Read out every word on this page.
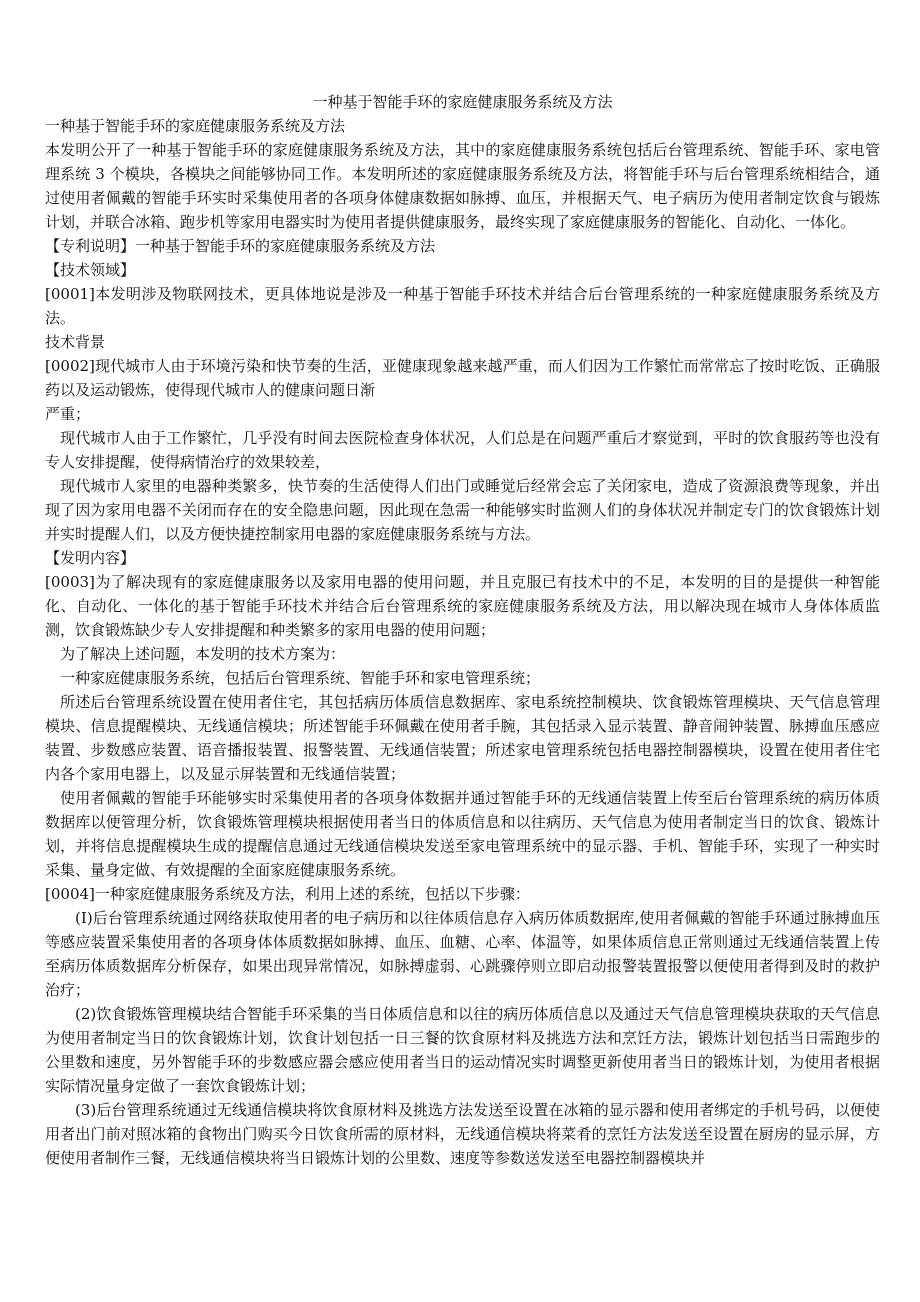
一种基于智能手环的家庭健康服务系统及方法

一种基于智能手环的家庭健康服务系统及方法

本发明公开了一种基于智能手环的家庭健康服务系统及方法，其中的家庭健康服务系统包括后台管理系统、智能手环、家电管理系统 3 个模块，各模块之间能够协同工作。本发明所述的家庭健康服务系统及方法，将智能手环与后台管理系统相结合，通过使用者佩戴的智能手环实时采集使用者的各项身体健康数据如脉搏、血压，并根据天气、电子病历为使用者制定饮食与锻炼计划，并联合冰箱、跑步机等家用电器实时为使用者提供健康服务，最终实现了家庭健康服务的智能化、自动化、一体化。

【专利说明】一种基于智能手环的家庭健康服务系统及方法

【技术领域】

[0001]本发明涉及物联网技术，更具体地说是涉及一种基于智能手环技术并结合后台管理系统的一种家庭健康服务系统及方法。

技术背景

[0002]现代城市人由于环境污染和快节奏的生活，亚健康现象越来越严重，而人们因为工作繁忙而常常忘了按时吃饭、正确服药以及运动锻炼，使得现代城市人的健康问题日渐

严重；

现代城市人由于工作繁忙，几乎没有时间去医院检查身体状况，人们总是在问题严重后才察觉到，平时的饮食服药等也没有专人安排提醒，使得病情治疗的效果较差，

现代城市人家里的电器种类繁多，快节奏的生活使得人们出门或睡觉后经常会忘了关闭家电，造成了资源浪费等现象，并出现了因为家用电器不关闭而存在的安全隐患问题，因此现在急需一种能够实时监测人们的身体状况并制定专门的饮食锻炼计划并实时提醒人们，以及方便快捷控制家用电器的家庭健康服务系统与方法。

【发明内容】

[0003]为了解决现有的家庭健康服务以及家用电器的使用问题，并且克服已有技术中的不足，本发明的目的是提供一种智能化、自动化、一体化的基于智能手环技术并结合后台管理系统的家庭健康服务系统及方法，用以解决现在城市人身体体质监测，饮食锻炼缺少专人安排提醒和种类繁多的家用电器的使用问题；

为了解决上述问题，本发明的技术方案为：

一种家庭健康服务系统，包括后台管理系统、智能手环和家电管理系统；

所述后台管理系统设置在使用者住宅，其包括病历体质信息数据库、家电系统控制模块、饮食锻炼管理模块、天气信息管理模块、信息提醒模块、无线通信模块；所述智能手环佩戴在使用者手腕，其包括录入显示装置、静音闹钟装置、脉搏血压感应装置、步数感应装置、语音播报装置、报警装置、无线通信装置；所述家电管理系统包括电器控制器模块，设置在使用者住宅内各个家用电器上，以及显示屏装置和无线通信装置；

使用者佩戴的智能手环能够实时采集使用者的各项身体数据并通过智能手环的无线通信装置上传至后台管理系统的病历体质数据库以便管理分析，饮食锻炼管理模块根据使用者当日的体质信息和以往病历、天气信息为使用者制定当日的饮食、锻炼计划，并将信息提醒模块生成的提醒信息通过无线通信模块发送至家电管理系统中的显示器、手机、智能手环，实现了一种实时采集、量身定做、有效提醒的全面家庭健康服务系统。

[0004]一种家庭健康服务系统及方法，利用上述的系统，包括以下步骤：

(Ⅰ)后台管理系统通过网络获取使用者的电子病历和以往体质信息存入病历体质数据库,使用者佩戴的智能手环通过脉搏血压等感应装置采集使用者的各项身体体质数据如脉搏、血压、血糖、心率、体温等，如果体质信息正常则通过无线通信装置上传至病历体质数据库分析保存，如果出现异常情况，如脉搏虚弱、心跳骤停则立即启动报警装置报警以便使用者得到及时的救护治疗；

(2)饮食锻炼管理模块结合智能手环采集的当日体质信息和以往的病历体质信息以及通过天气信息管理模块获取的天气信息为使用者制定当日的饮食锻炼计划，饮食计划包括一日三餐的饮食原材料及挑选方法和烹饪方法，锻炼计划包括当日需跑步的公里数和速度，另外智能手环的步数感应器会感应使用者当日的运动情况实时调整更新使用者当日的锻炼计划，为使用者根据实际情况量身定做了一套饮食锻炼计划；

(3)后台管理系统通过无线通信模块将饮食原材料及挑选方法发送至设置在冰箱的显示器和使用者绑定的手机号码，以便使用者出门前对照冰箱的食物出门购买今日饮食所需的原材料，无线通信模块将菜肴的烹饪方法发送至设置在厨房的显示屏，方便使用者制作三餐，无线通信模块将当日锻炼计划的公里数、速度等参数送发送至电器控制器模块并
